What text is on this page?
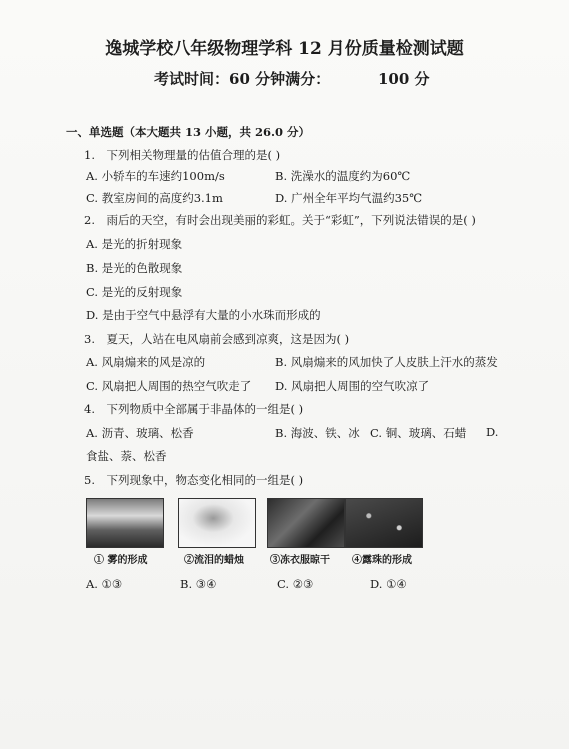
逸城学校八年级物理学科 12 月份质量检测试题
考试时间：60 分钟满分：	100 分
一、单选题（本大题共 13 小题，共 26.0 分）
1.　下列相关物理量的估值合理的是( )
A. 小轿车的车速约100m/s	B. 洗澡水的温度约为60℃
C. 教室房间的高度约3.1m	D. 广州全年平均气温约35℃
2.　雨后的天空，有时会出现美丽的彩虹。关于“彩虹”，下列说法错误的是( )
A. 是光的折射现象
B. 是光的色散现象
C. 是光的反射现象
D. 是由于空气中悬浮有大量的小水珠而形成的
3.　夏天，人站在电风扇前会感到凉爽，这是因为( )
A. 风扇煽来的风是凉的	B. 风扇煽来的风加快了人皮肤上汗水的蒸发
C. 风扇把人周围的热空气吹走了 D. 风扇把人周围的空气吹凉了
4.　下列物质中全部属于非晶体的一组是( )
A. 沥青、玻璃、松香	B. 海波、铁、冰 C. 铜、玻璃、石蜡 D.
食盐、萘、松香
5.　下列现象中，物态变化相同的一组是( )
① 雾的形成	②流泪的蜡烛	③冻衣服晾干 ④露珠的形成
A. ①③	B. ③④	C. ②③	D. ①④
